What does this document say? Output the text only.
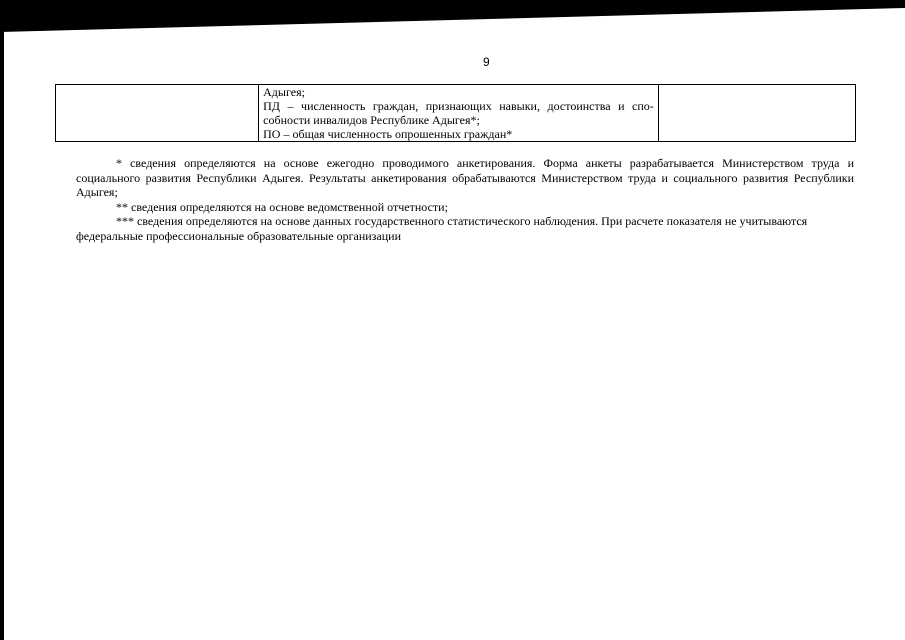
9

Адыгея;
ПД – численность граждан, признающих навыки, достоинства и спо-
собности инвалидов Республике Адыгея*;
ПО – общая численность опрошенных граждан*

* сведения определяются на основе ежегодно проводимого анкетирования. Форма анкеты разрабатывается Министерством труда и социального развития Республики Адыгея. Результаты анкетирования обрабатываются Министерством труда и социального развития Республики Адыгея;

** сведения определяются на основе ведомственной отчетности;

*** сведения определяются на основе данных государственного статистического наблюдения. При расчете показателя не учитываются федеральные профессиональные образовательные организации
